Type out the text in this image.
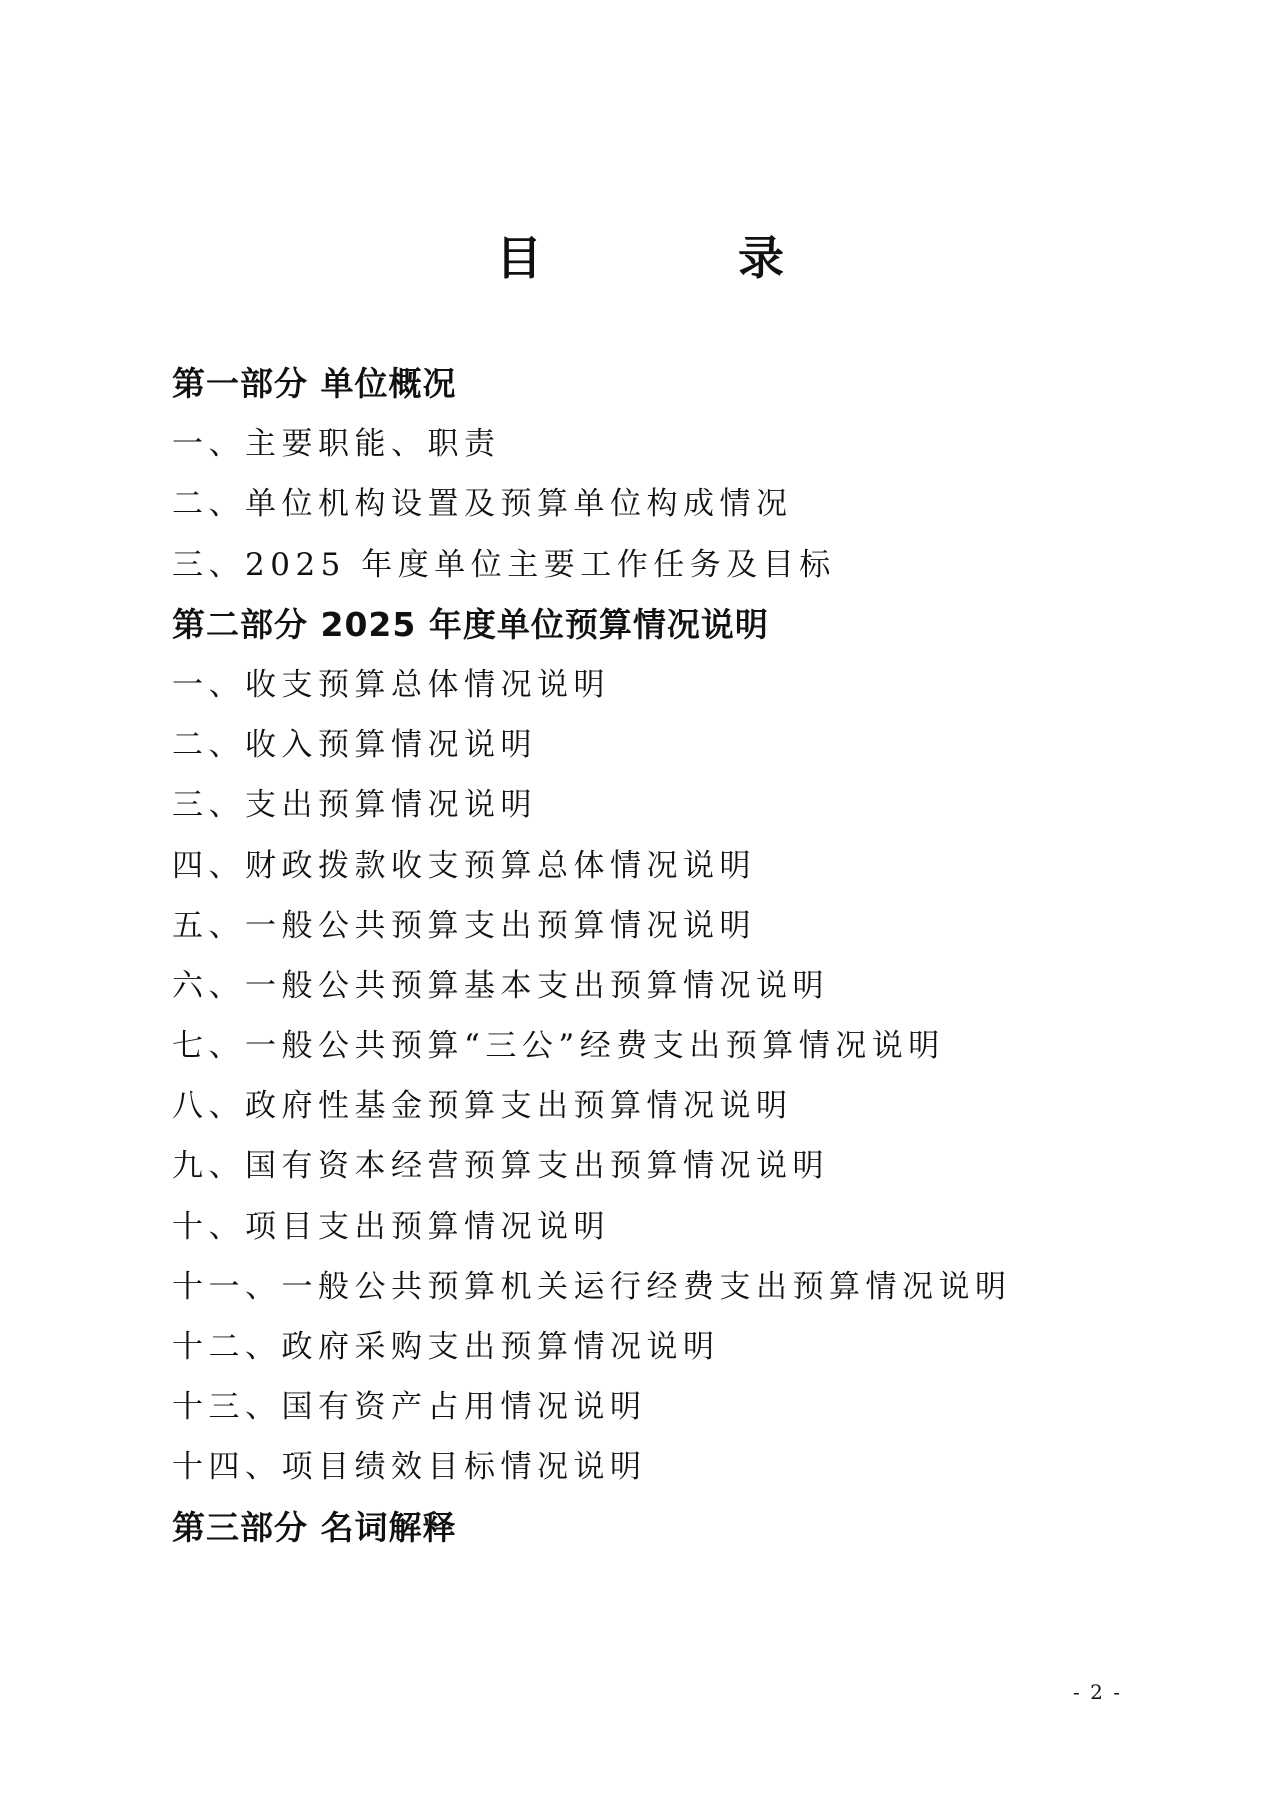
目 录
第一部分 单位概况
一、主要职能、职责
二、单位机构设置及预算单位构成情况
三、2025 年度单位主要工作任务及目标
第二部分 2025 年度单位预算情况说明
一、收支预算总体情况说明
二、收入预算情况说明
三、支出预算情况说明
四、财政拨款收支预算总体情况说明
五、一般公共预算支出预算情况说明
六、一般公共预算基本支出预算情况说明
七、一般公共预算“三公”经费支出预算情况说明
八、政府性基金预算支出预算情况说明
九、国有资本经营预算支出预算情况说明
十、项目支出预算情况说明
十一、一般公共预算机关运行经费支出预算情况说明
十二、政府采购支出预算情况说明
十三、国有资产占用情况说明
十四、项目绩效目标情况说明
第三部分 名词解释
- 2 -
